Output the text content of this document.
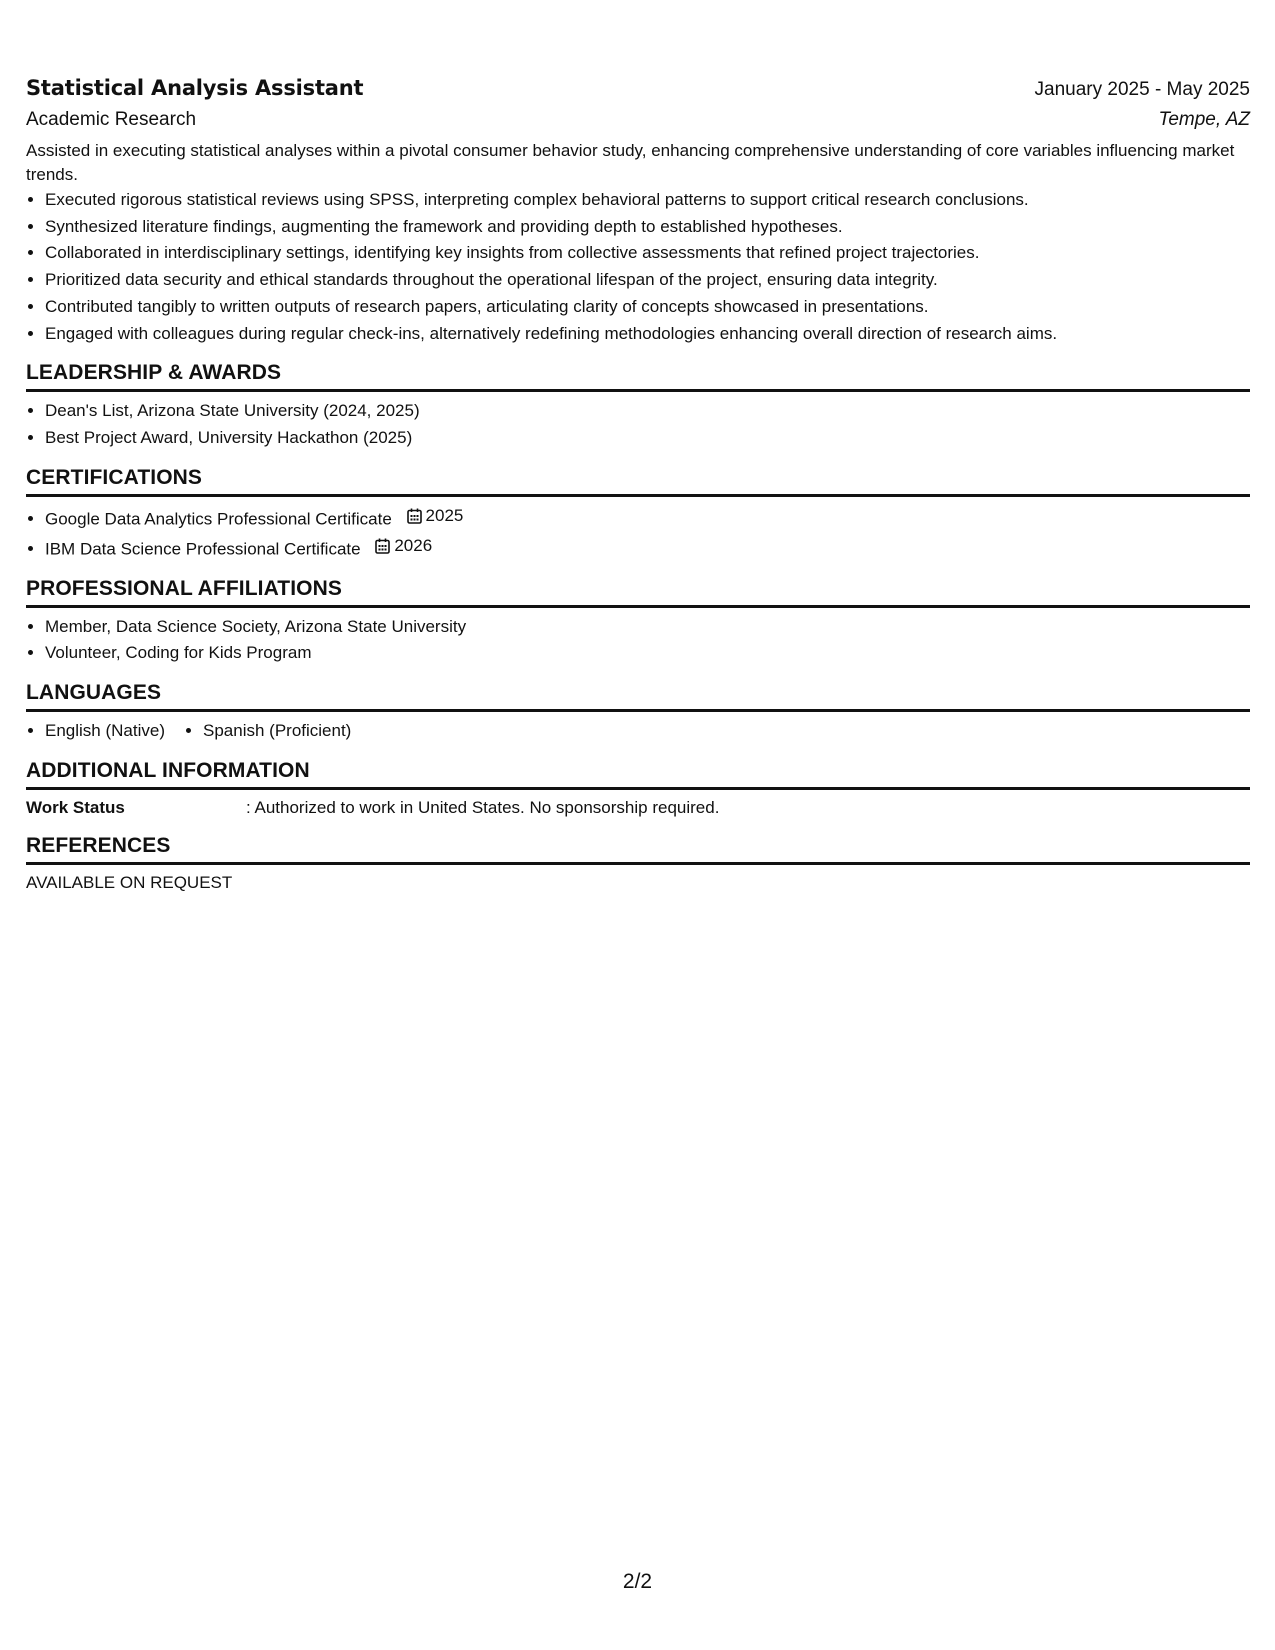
Statistical Analysis Assistant	January 2025 - May 2025
Academic Research	Tempe, AZ
Assisted in executing statistical analyses within a pivotal consumer behavior study, enhancing comprehensive understanding of core variables influencing market trends.
• Executed rigorous statistical reviews using SPSS, interpreting complex behavioral patterns to support critical research conclusions.
• Synthesized literature findings, augmenting the framework and providing depth to established hypotheses.
• Collaborated in interdisciplinary settings, identifying key insights from collective assessments that refined project trajectories.
• Prioritized data security and ethical standards throughout the operational lifespan of the project, ensuring data integrity.
• Contributed tangibly to written outputs of research papers, articulating clarity of concepts showcased in presentations.
• Engaged with colleagues during regular check-ins, alternatively redefining methodologies enhancing overall direction of research aims.
LEADERSHIP & AWARDS
• Dean's List, Arizona State University (2024, 2025)
• Best Project Award, University Hackathon (2025)
CERTIFICATIONS
• Google Data Analytics Professional Certificate 2025
• IBM Data Science Professional Certificate 2026
PROFESSIONAL AFFILIATIONS
• Member, Data Science Society, Arizona State University
• Volunteer, Coding for Kids Program
LANGUAGES
• English (Native)
• Spanish (Proficient)
ADDITIONAL INFORMATION
Work Status	: Authorized to work in United States. No sponsorship required.
REFERENCES
AVAILABLE ON REQUEST
2/2
